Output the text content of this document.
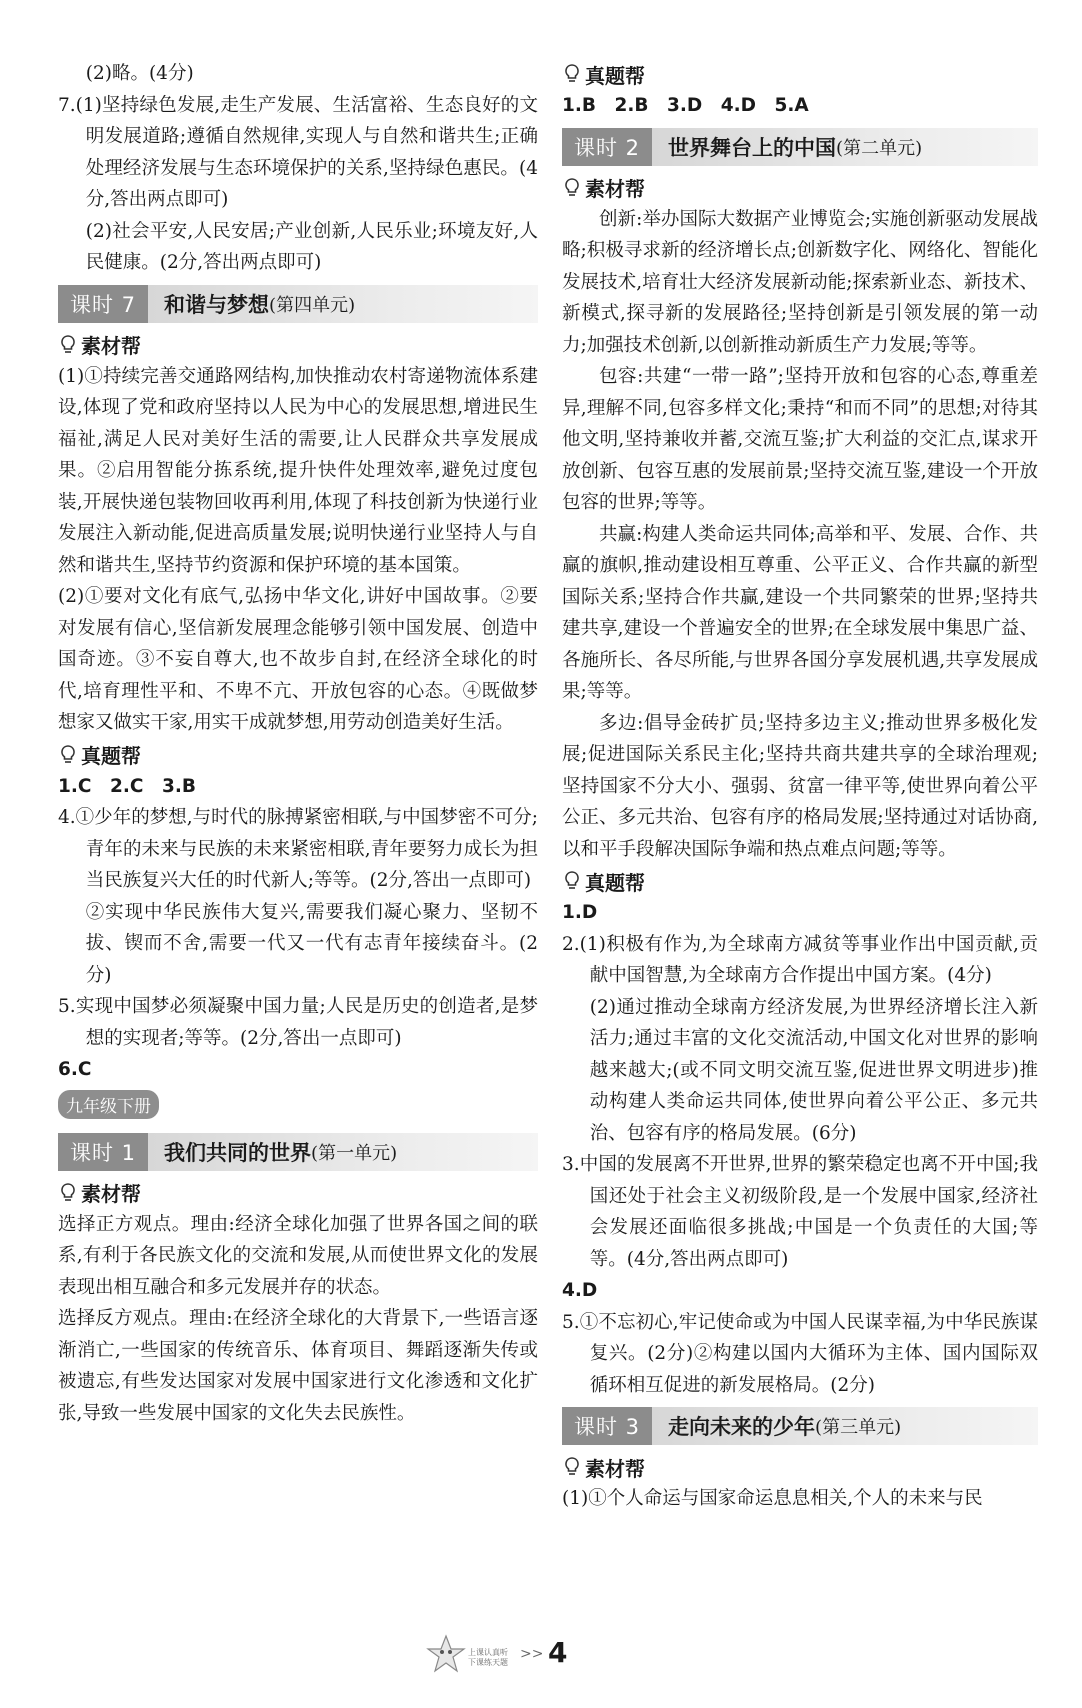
(2)略。(4分)

7.(1)坚持绿色发展,走生产发展、生活富裕、生态良好的文明发展道路;遵循自然规律,实现人与自然和谐共生;正确处理经济发展与生态环境保护的关系,坚持绿色惠民。(4分,答出两点即可)

(2)社会平安,人民安居;产业创新,人民乐业;环境友好,人民健康。(2分,答出两点即可)

课时 7	和谐与梦想 (第四单元)
素材帮

(1)①持续完善交通路网结构,加快推动农村寄递物流体系建设,体现了党和政府坚持以人民为中心的发展思想,增进民生福祉,满足人民对美好生活的需要,让人民群众共享发展成果。②启用智能分拣系统,提升快件处理效率,避免过度包装,开展快递包装物回收再利用,体现了科技创新为快递行业发展注入新动能,促进高质量发展;说明快递行业坚持人与自然和谐共生,坚持节约资源和保护环境的基本国策。

(2)①要对文化有底气,弘扬中华文化,讲好中国故事。②要对发展有信心,坚信新发展理念能够引领中国发展、创造中国奇迹。③不妄自尊大,也不故步自封,在经济全球化的时代,培育理性平和、不卑不亢、开放包容的心态。④既做梦想家又做实干家,用实干成就梦想,用劳动创造美好生活。

真题帮

1.C　2.C　3.B

4.①少年的梦想,与时代的脉搏紧密相联,与中国梦密不可分;青年的未来与民族的未来紧密相联,青年要努力成长为担当民族复兴大任的时代新人;等等。(2分,答出一点即可)

②实现中华民族伟大复兴,需要我们凝心聚力、坚韧不拔、锲而不舍,需要一代又一代有志青年接续奋斗。(2分)

5.实现中国梦必须凝聚中国力量;人民是历史的创造者,是梦想的实现者;等等。(2分,答出一点即可)

6.C

九年级下册
课时 1	我们共同的世界 (第一单元)
素材帮

选择正方观点。理由:经济全球化加强了世界各国之间的联系,有利于各民族文化的交流和发展,从而使世界文化的发展表现出相互融合和多元发展并存的状态。

选择反方观点。理由:在经济全球化的大背景下,一些语言逐渐消亡,一些国家的传统音乐、体育项目、舞蹈逐渐失传或被遗忘,有些发达国家对发展中国家进行文化渗透和文化扩张,导致一些发展中国家的文化失去民族性。

真题帮

1.B　2.B　3.D　4.D　5.A

课时 2	世界舞台上的中国 (第二单元)
素材帮

创新:举办国际大数据产业博览会;实施创新驱动发展战略;积极寻求新的经济增长点;创新数字化、网络化、智能化发展技术,培育壮大经济发展新动能;探索新业态、新技术、新模式,探寻新的发展路径;坚持创新是引领发展的第一动力;加强技术创新,以创新推动新质生产力发展;等等。

包容:共建“一带一路”;坚持开放和包容的心态,尊重差异,理解不同,包容多样文化;秉持“和而不同”的思想;对待其他文明,坚持兼收并蓄,交流互鉴;扩大利益的交汇点,谋求开放创新、包容互惠的发展前景;坚持交流互鉴,建设一个开放包容的世界;等等。

共赢:构建人类命运共同体;高举和平、发展、合作、共赢的旗帜,推动建设相互尊重、公平正义、合作共赢的新型国际关系;坚持合作共赢,建设一个共同繁荣的世界;坚持共建共享,建设一个普遍安全的世界;在全球发展中集思广益、各施所长、各尽所能,与世界各国分享发展机遇,共享发展成果;等等。

多边:倡导金砖扩员;坚持多边主义;推动世界多极化发展;促进国际关系民主化;坚持共商共建共享的全球治理观;坚持国家不分大小、强弱、贫富一律平等,使世界向着公平公正、多元共治、包容有序的格局发展;坚持通过对话协商,以和平手段解决国际争端和热点难点问题;等等。

真题帮

1.D

2.(1)积极有作为,为全球南方减贫等事业作出中国贡献,贡献中国智慧,为全球南方合作提出中国方案。(4分)

(2)通过推动全球南方经济发展,为世界经济增长注入新活力;通过丰富的文化交流活动,中国文化对世界的影响越来越大;(或不同文明交流互鉴,促进世界文明进步)推动构建人类命运共同体,使世界向着公平公正、多元共治、包容有序的格局发展。(6分)

3.中国的发展离不开世界,世界的繁荣稳定也离不开中国;我国还处于社会主义初级阶段,是一个发展中国家,经济社会发展还面临很多挑战;中国是一个负责任的大国;等等。(4分,答出两点即可)

4.D

5.①不忘初心,牢记使命或为中国人民谋幸福,为中华民族谋复兴。(2分)②构建以国内大循环为主体、国内国际双循环相互促进的新发展格局。(2分)

课时 3	走向未来的少年 (第三单元)
素材帮

(1)①个人命运与国家命运息息相关,个人的未来与民

上课认真听
下课练天题
>> 4
